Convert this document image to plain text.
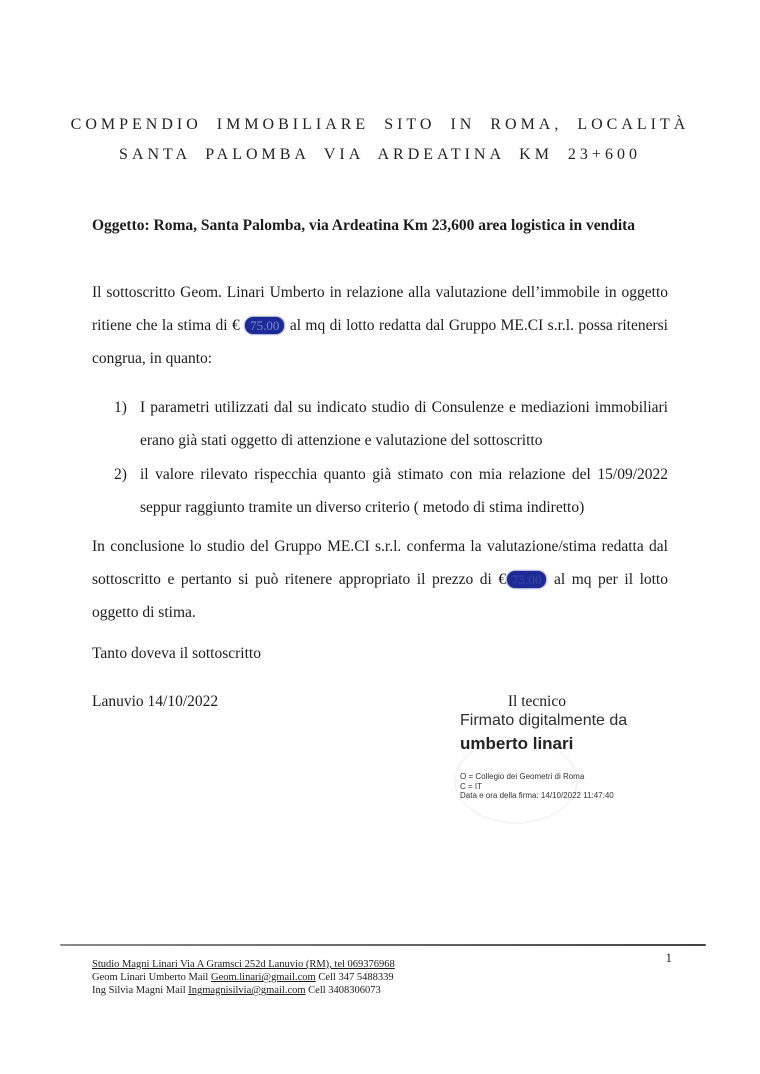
COMPENDIO IMMOBILIARE SITO IN ROMA, LOCALITÀ
SANTA PALOMBA VIA ARDEATINA KM 23+600
Oggetto: Roma, Santa Palomba, via Ardeatina Km 23,600 area logistica in vendita

Il sottoscritto Geom. Linari Umberto in relazione alla valutazione dell’immobile in oggetto ritiene che la stima di € 75.00 al mq di lotto redatta dal Gruppo ME.CI s.r.l. possa ritenersi congrua, in quanto:

1) I parametri utilizzati dal su indicato studio di Consulenze e mediazioni immobiliari erano già stati oggetto di attenzione e valutazione del sottoscritto
2) il valore rilevato rispecchia quanto già stimato con mia relazione del 15/09/2022 seppur raggiunto tramite un diverso criterio ( metodo di stima indiretto)

In conclusione lo studio del Gruppo ME.CI s.r.l. conferma la valutazione/stima redatta dal sottoscritto e pertanto si può ritenere appropriato il prezzo di € 75.00 al mq per il lotto oggetto di stima.

Tanto doveva il sottoscritto
Lanuvio 14/10/2022	Il tecnico
Firmato digitalmente da
umberto linari
O = Collegio dei Geometri di Roma
C = IT
Data e ora della firma: 14/10/2022 11:47:40
1
Studio Magni Linari Via A Gramsci 252d Lanuvio (RM), tel 069376968
Geom Linari Umberto Mail Geom.linari@gmail.com Cell 347 5488339
Ing Silvia Magni Mail Ingmagnisilvia@gmail.com Cell 3408306073
